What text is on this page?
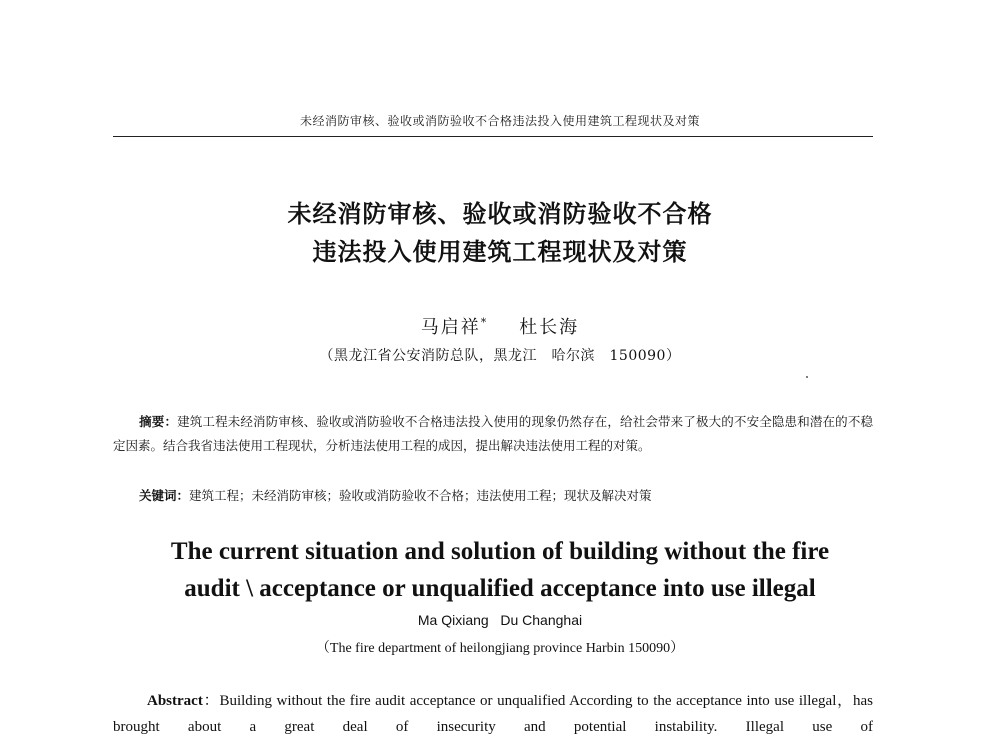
未经消防审核、验收或消防验收不合格违法投入使用建筑工程现状及对策
未经消防审核、验收或消防验收不合格
违法投入使用建筑工程现状及对策
马启祥* 杜长海
（黑龙江省公安消防总队，黑龙江　哈尔滨　150090）
摘要：建筑工程未经消防审核、验收或消防验收不合格违法投入使用的现象仍然存在，给社会带来了极大的不安全隐患和潜在的不稳定因素。结合我省违法使用工程现状，分析违法使用工程的成因，提出解决违法使用工程的对策。
关键词：建筑工程；未经消防审核；验收或消防验收不合格；违法使用工程；现状及解决对策
The current situation and solution of building without the fire
audit \ acceptance or unqualified acceptance into use illegal
Ma Qixiang   Du Changhai
（The fire department of heilongjiang province Harbin 150090）
Abstract：Building without the fire audit acceptance or unqualified According to the acceptance into use illegal，has brought about a great deal of insecurity and potential instability. Illegal use of
